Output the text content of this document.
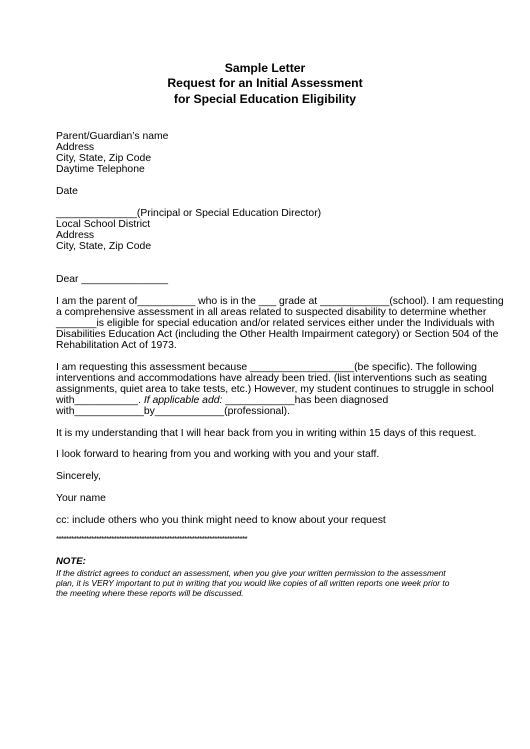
Sample Letter
Request for an Initial Assessment
for Special Education Eligibility
Parent/Guardian’s name
Address
City, State, Zip Code
Daytime Telephone
Date
______________(Principal or Special Education Director)
Local School District
Address
City, State, Zip Code
Dear _______________
I am the parent of__________ who is in the ___ grade at ____________(school). I am requesting
a comprehensive assessment in all areas related to suspected disability to determine whether
_______is eligible for special education and/or related services either under the Individuals with
Disabilities Education Act (including the Other Health Impairment category) or Section 504 of the
Rehabilitation Act of 1973.
I am requesting this assessment because __________________(be specific). The following
interventions and accommodations have already been tried. (list interventions such as seating
assignments, quiet area to take tests, etc.) However, my student continues to struggle in school
with___________. If applicable add: ____________has been diagnosed
with____________by____________(professional).
It is my understanding that I will hear back from you in writing within 15 days of this request.
I look forward to hearing from you and working with you and your staff.
Sincerely,
Your name
cc: include others who you think might need to know about your request
****************************************************************************
NOTE:
If the district agrees to conduct an assessment, when you give your written permission to the assessment
plan, it is VERY important to put in writing that you would like copies of all written reports one week prior to
the meeting where these reports will be discussed.
